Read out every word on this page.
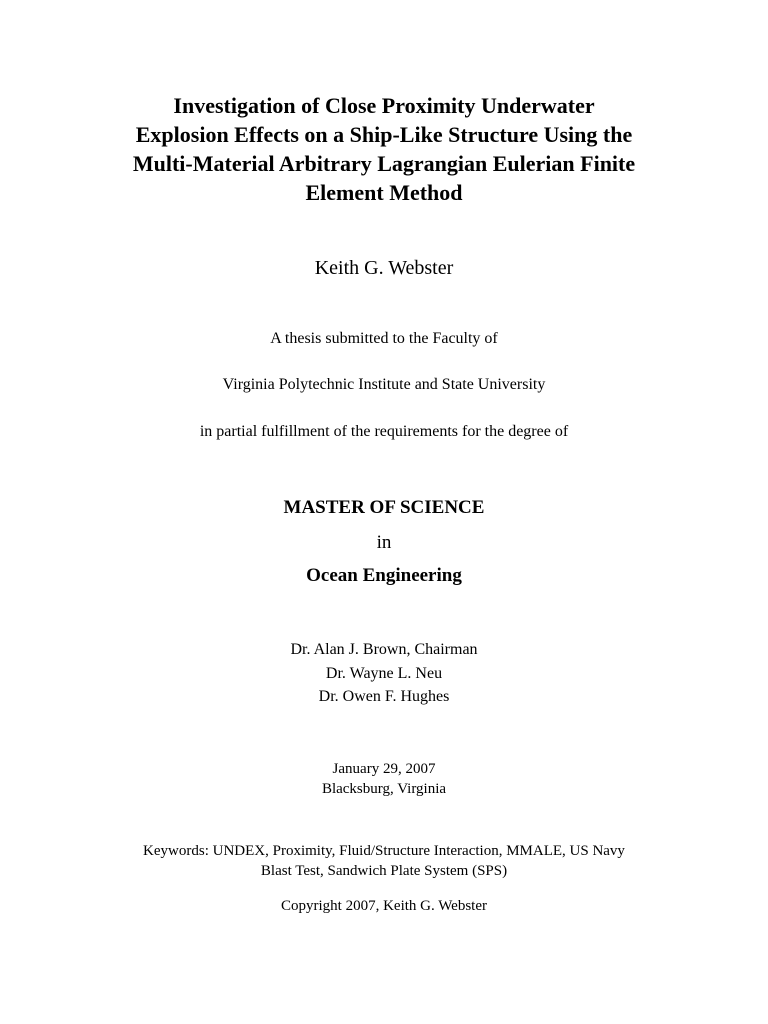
Investigation of Close Proximity Underwater
Explosion Effects on a Ship-Like Structure Using the
Multi-Material Arbitrary Lagrangian Eulerian Finite
Element Method
Keith G. Webster
A thesis submitted to the Faculty of
Virginia Polytechnic Institute and State University
in partial fulfillment of the requirements for the degree of
MASTER OF SCIENCE
in
Ocean Engineering
Dr. Alan J. Brown, Chairman
Dr. Wayne L. Neu
Dr. Owen F. Hughes
January 29, 2007
Blacksburg, Virginia
Keywords: UNDEX, Proximity, Fluid/Structure Interaction, MMALE, US Navy
Blast Test, Sandwich Plate System (SPS)
Copyright 2007, Keith G. Webster
